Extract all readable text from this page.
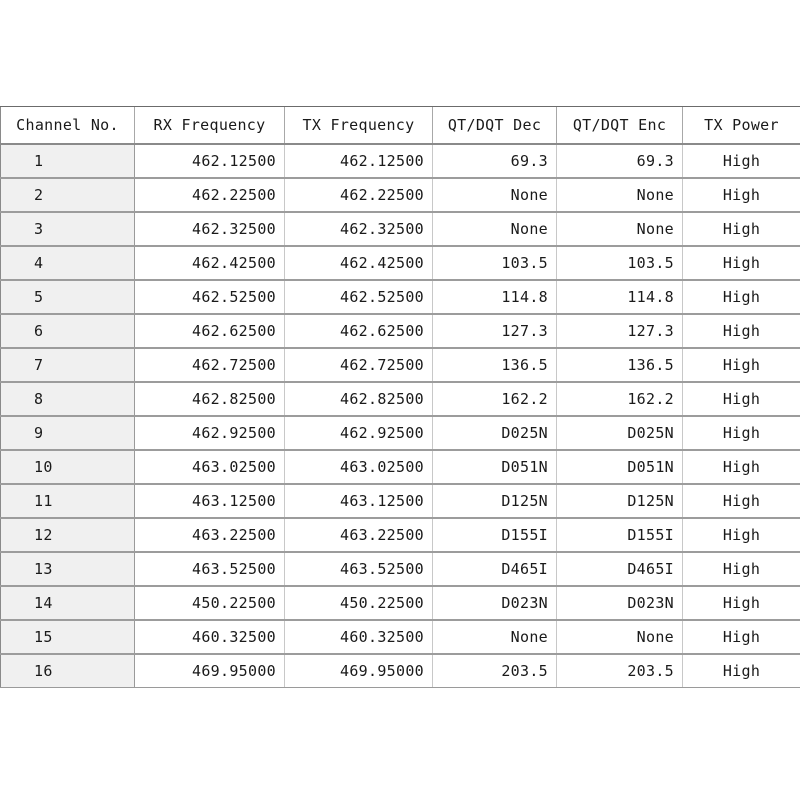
Channel No.	RX Frequency	TX Frequency	QT/DQT Dec	QT/DQT Enc	TX Power
1	462.12500	462.12500	69.3	69.3	High
2	462.22500	462.22500	None	None	High
3	462.32500	462.32500	None	None	High
4	462.42500	462.42500	103.5	103.5	High
5	462.52500	462.52500	114.8	114.8	High
6	462.62500	462.62500	127.3	127.3	High
7	462.72500	462.72500	136.5	136.5	High
8	462.82500	462.82500	162.2	162.2	High
9	462.92500	462.92500	D025N	D025N	High
10	463.02500	463.02500	D051N	D051N	High
11	463.12500	463.12500	D125N	D125N	High
12	463.22500	463.22500	D155I	D155I	High
13	463.52500	463.52500	D465I	D465I	High
14	450.22500	450.22500	D023N	D023N	High
15	460.32500	460.32500	None	None	High
16	469.95000	469.95000	203.5	203.5	High
